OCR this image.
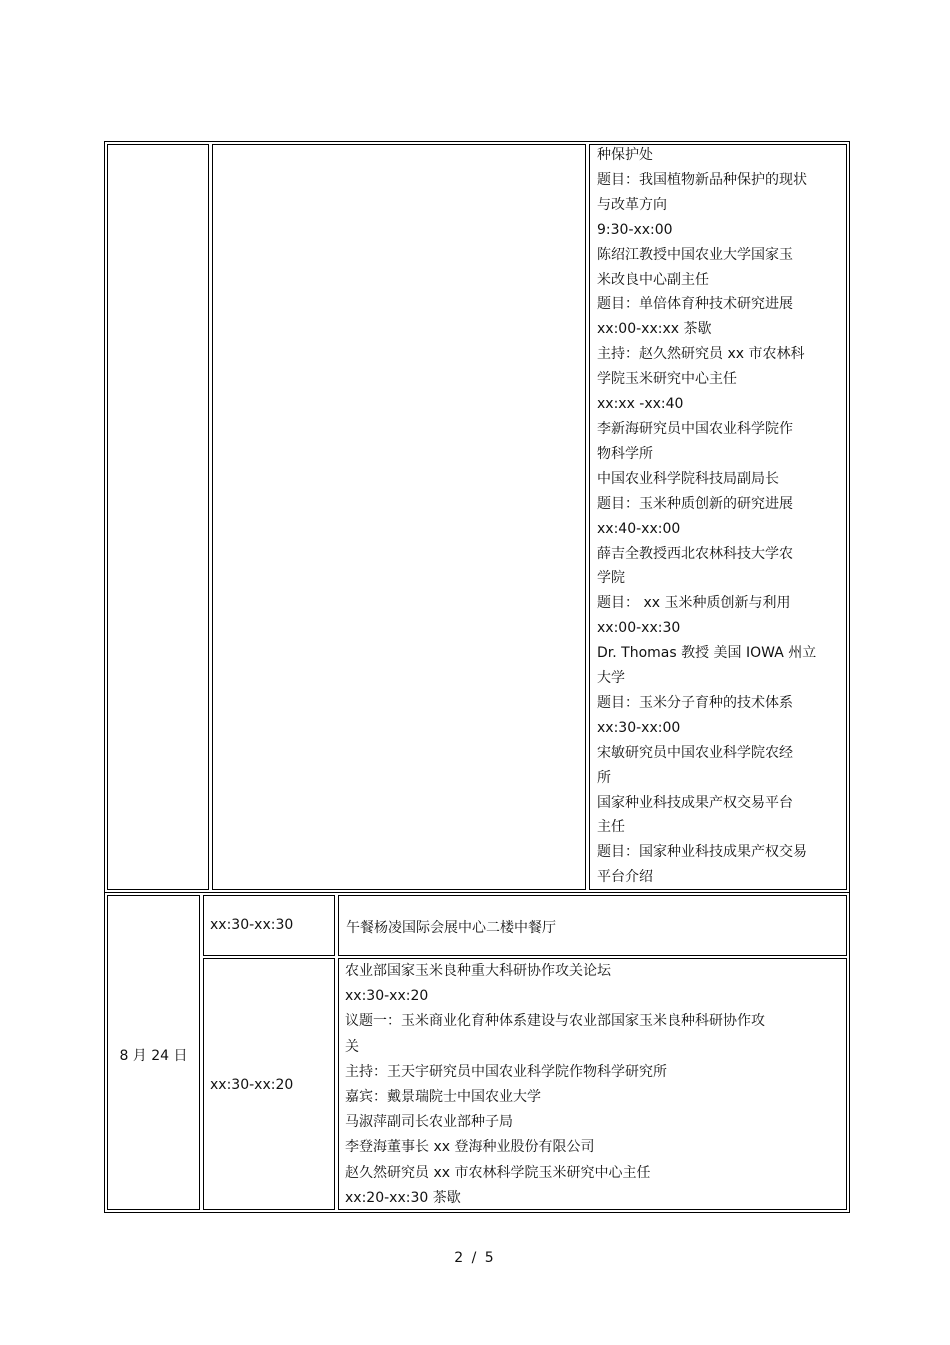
种保护处
题目：我国植物新品种保护的现状
与改革方向
9:30-xx:00
陈绍江教授中国农业大学国家玉
米改良中心副主任
题目：单倍体育种技术研究进展
xx:00-xx:xx 茶歇
主持：赵久然研究员 xx 市农林科
学院玉米研究中心主任
xx:xx -xx:40
李新海研究员中国农业科学院作
物科学所
中国农业科学院科技局副局长
题目：玉米种质创新的研究进展
xx:40-xx:00
薛吉全教授西北农林科技大学农
学院
题目： xx 玉米种质创新与利用
xx:00-xx:30
Dr. Thomas 教授 美国 IOWA 州立
大学
题目：玉米分子育种的技术体系
xx:30-xx:00
宋敏研究员中国农业科学院农经
所
国家种业科技成果产权交易平台
主任
题目：国家种业科技成果产权交易
平台介绍
8 月 24 日
xx:30-xx:30	午餐杨凌国际会展中心二楼中餐厅
xx:30-xx:20
农业部国家玉米良种重大科研协作攻关论坛
xx:30-xx:20
议题一：玉米商业化育种体系建设与农业部国家玉米良种科研协作攻
关
主持：王天宇研究员中国农业科学院作物科学研究所
嘉宾：戴景瑞院士中国农业大学
马淑萍副司长农业部种子局
李登海董事长 xx 登海种业股份有限公司
赵久然研究员 xx 市农林科学院玉米研究中心主任
xx:20-xx:30 茶歇
2 / 5
